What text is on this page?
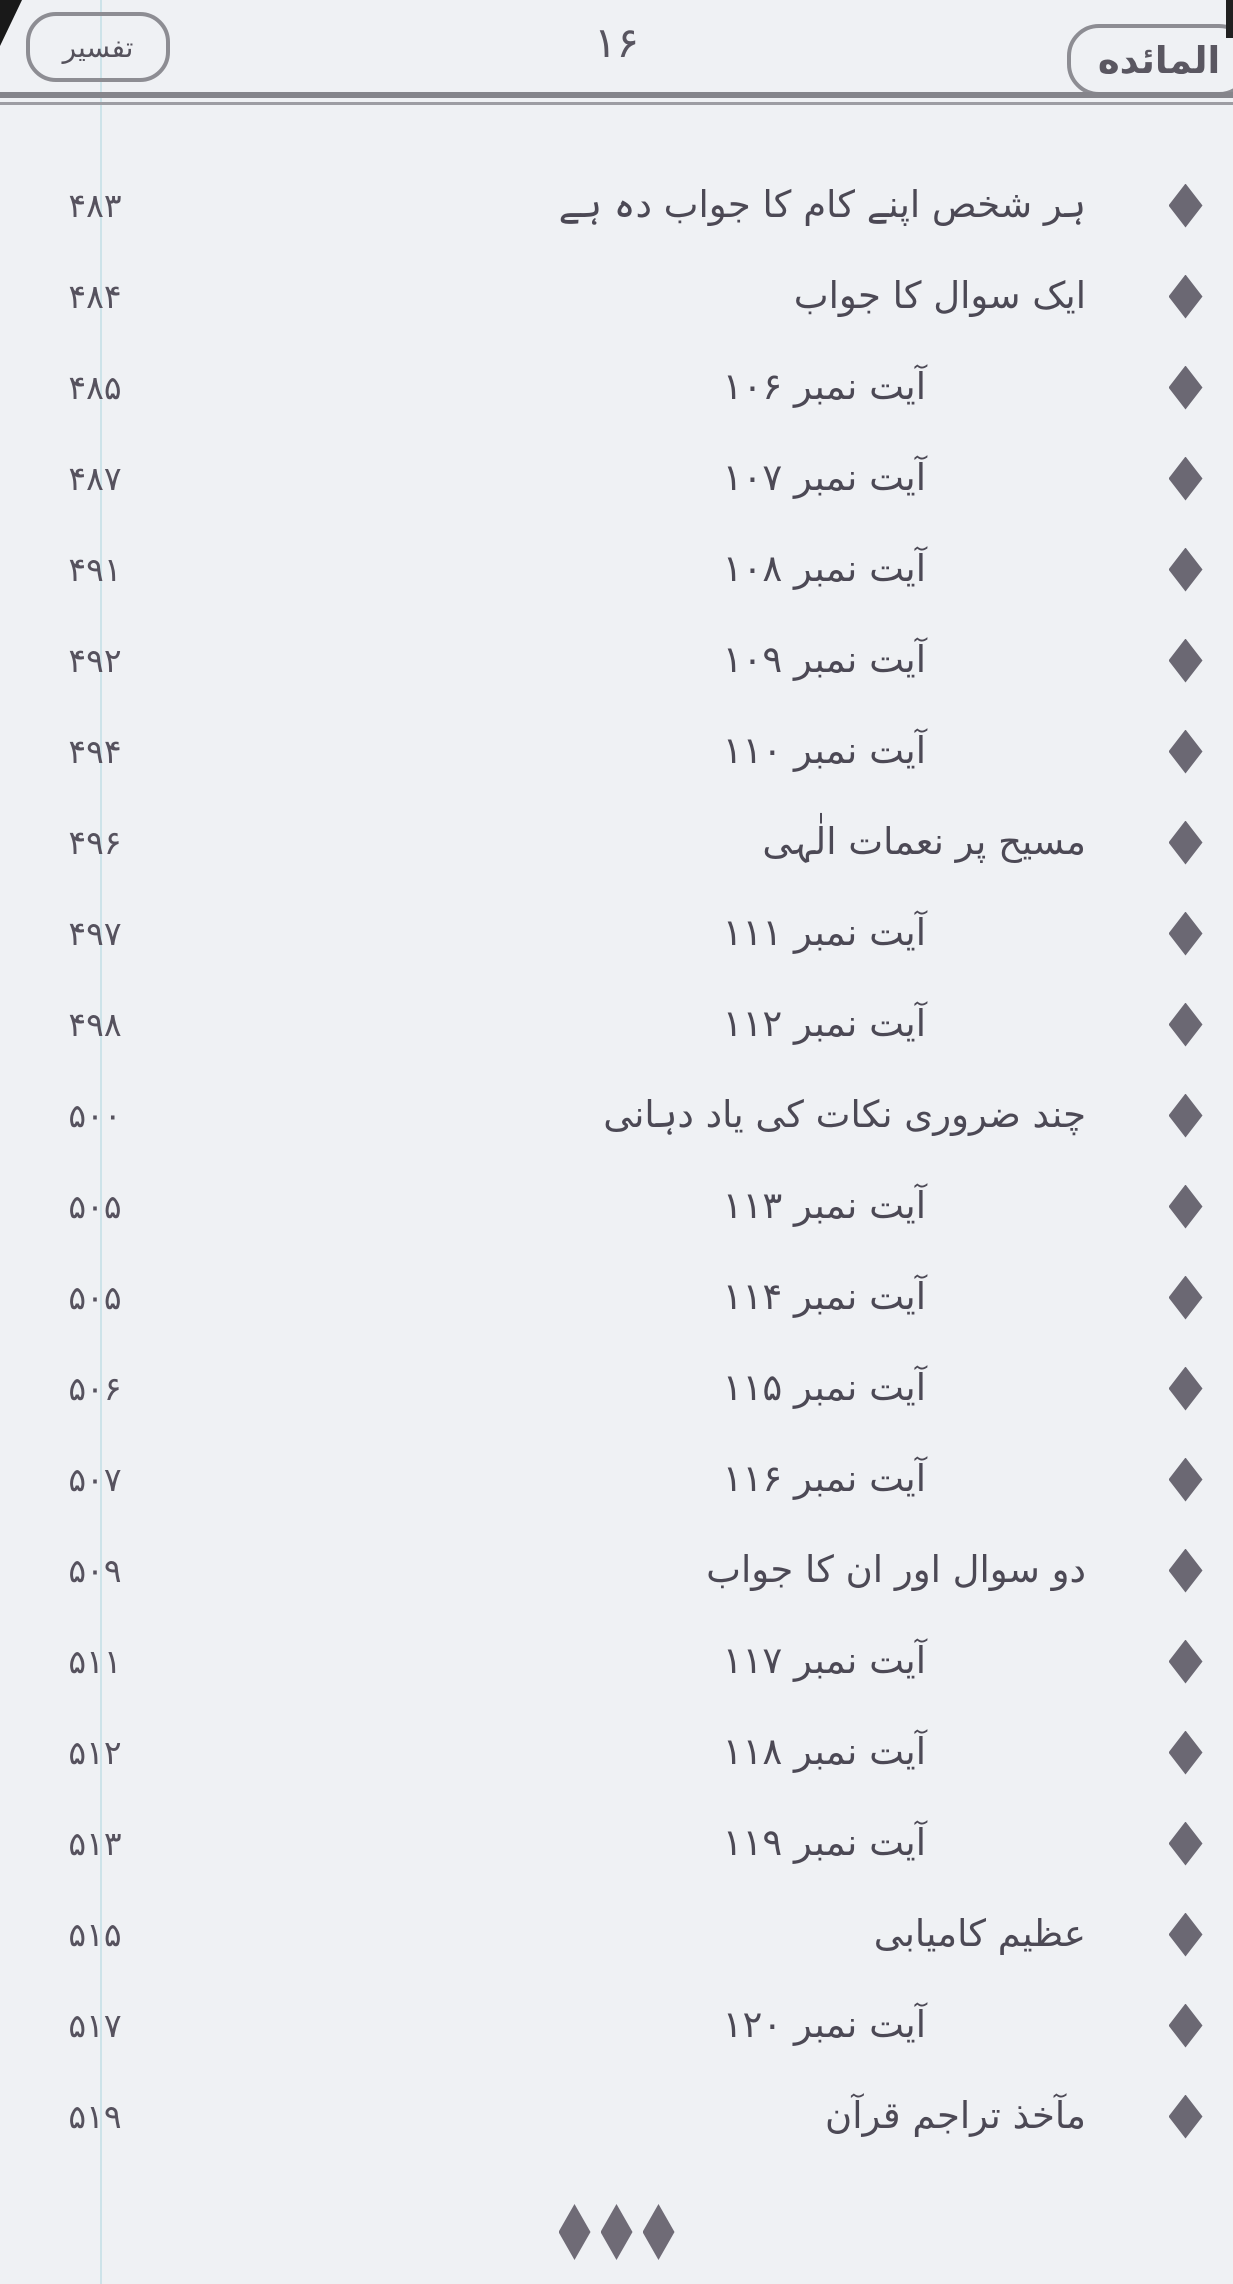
المائده
۱۶
تفسير
ہر شخص اپنے کام کا جواب دہ ہے
۴۸۳
ایک سوال کا جواب
۴۸۴
آیت نمبر ۱۰۶
۴۸۵
آیت نمبر ۱۰۷
۴۸۷
آیت نمبر ۱۰۸
۴۹۱
آیت نمبر ۱۰۹
۴۹۲
آیت نمبر ۱۱۰
۴۹۴
مسیح پر نعمات الٰہی
۴۹۶
آیت نمبر ۱۱۱
۴۹۷
آیت نمبر ۱۱۲
۴۹۸
چند ضروری نکات کی یاد دہانی
۵۰۰
آیت نمبر ۱۱۳
۵۰۵
آیت نمبر ۱۱۴
۵۰۵
آیت نمبر ۱۱۵
۵۰۶
آیت نمبر ۱۱۶
۵۰۷
دو سوال اور ان کا جواب
۵۰۹
آیت نمبر ۱۱۷
۵۱۱
آیت نمبر ۱۱۸
۵۱۲
آیت نمبر ۱۱۹
۵۱۳
عظیم کامیابی
۵۱۵
آیت نمبر ۱۲۰
۵۱۷
مآخذ تراجم قرآن
۵۱۹
